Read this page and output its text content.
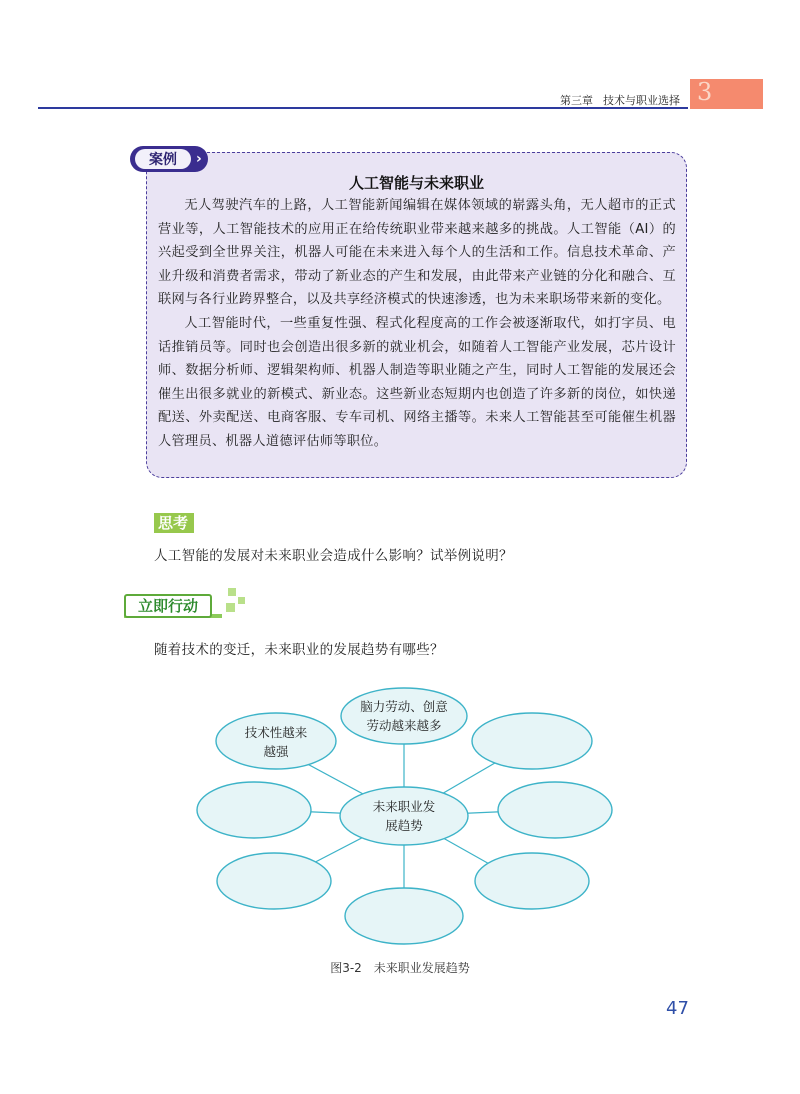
第三章 技术与职业选择 3
案例	›
人工智能与未来职业

无人驾驶汽车的上路，人工智能新闻编辑在媒体领域的崭露头角，无人超市的正式营业等，人工智能技术的应用正在给传统职业带来越来越多的挑战。人工智能（AI）的兴起受到全世界关注，机器人可能在未来进入每个人的生活和工作。信息技术革命、产业升级和消费者需求，带动了新业态的产生和发展，由此带来产业链的分化和融合、互联网与各行业跨界整合，以及共享经济模式的快速渗透，也为未来职场带来新的变化。

人工智能时代，一些重复性强、程式化程度高的工作会被逐渐取代，如打字员、电话推销员等。同时也会创造出很多新的就业机会，如随着人工智能产业发展，芯片设计师、数据分析师、逻辑架构师、机器人制造等职业随之产生，同时人工智能的发展还会催生出很多就业的新模式、新业态。这些新业态短期内也创造了许多新的岗位，如快递配送、外卖配送、电商客服、专车司机、网络主播等。未来人工智能甚至可能催生机器人管理员、机器人道德评估师等职位。

思考
人工智能的发展对未来职业会造成什么影响？试举例说明？
立即行动
随着技术的变迁，未来职业的发展趋势有哪些？
脑力劳动、创意
劳动越来越多
技术性越来
越强
未来职业发
展趋势
图3-2 未来职业发展趋势
47
